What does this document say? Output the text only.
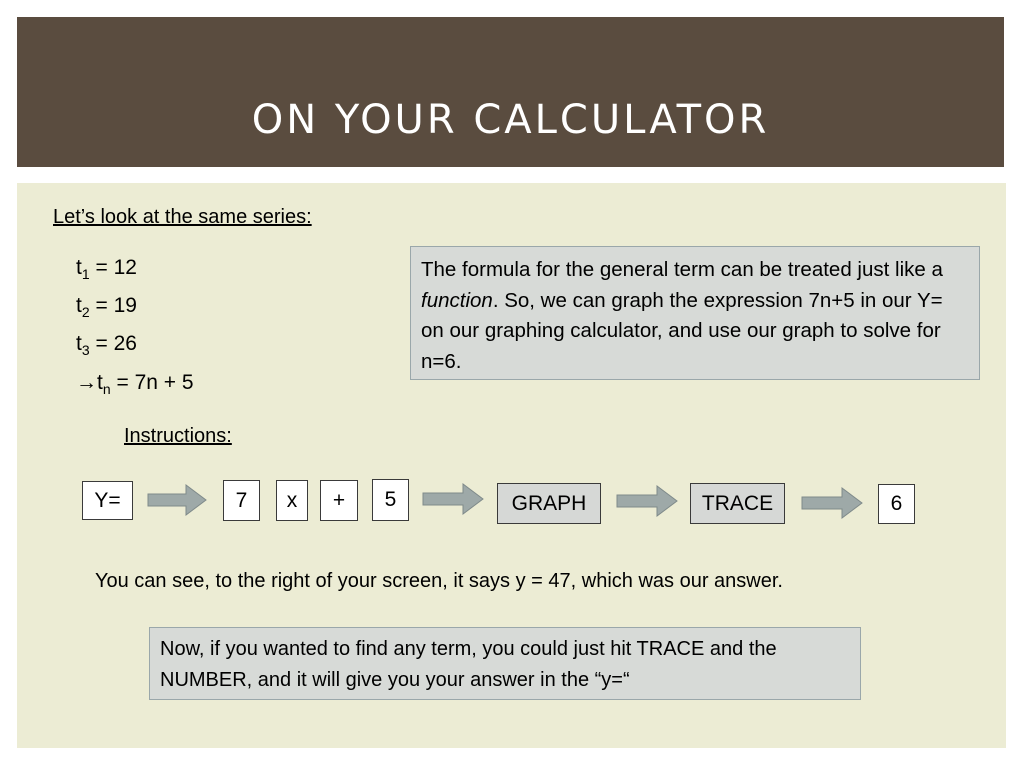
ON YOUR CALCULATOR
Let’s look at the same series:
$t_1 = 12$
$t_2 = 19$
$t_3 = 26$
$\to t_n = 7n + 5$
The formula for the general term can be treated just like a function. So, we can graph the expression 7n+5 in our Y= on our graphing calculator, and use our graph to solve for n=6.
Instructions:
Y=	7	x	+	5	GRAPH	TRACE	6
You can see, to the right of your screen, it says y = 47, which was our answer.
Now, if you wanted to find any term, you could just hit TRACE and the NUMBER, and it will give you your answer in the “y=“
